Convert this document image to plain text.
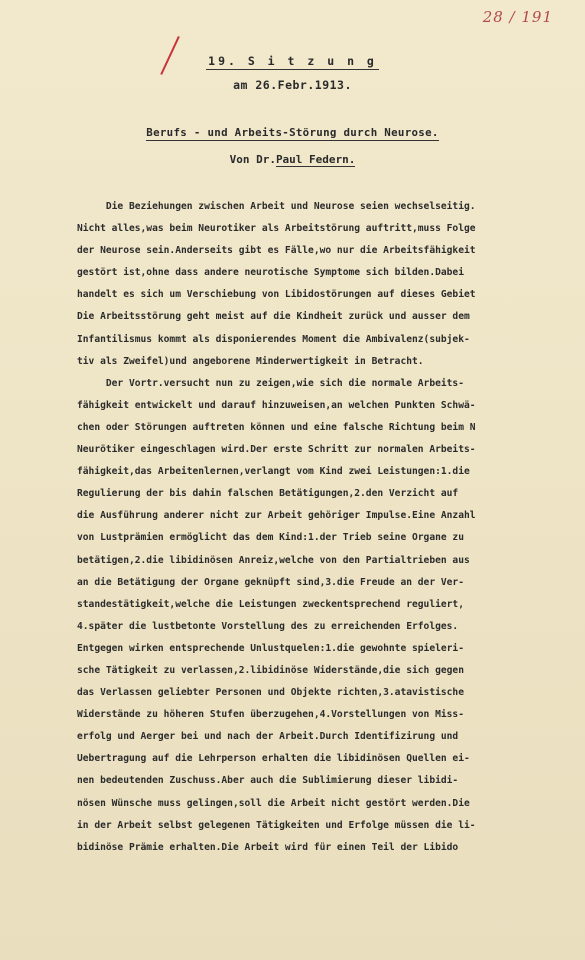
28 / 191
19. S i t z u n g
am 26.Febr.1913.
Berufs - und Arbeits-Störung durch Neurose.
Von Dr.Paul Federn.
Die Beziehungen zwischen Arbeit und Neurose seien wechselseitig.
Nicht alles,was beim Neurotiker als Arbeitstörung auftritt,muss Folge
der Neurose sein.Anderseits gibt es Fälle,wo nur die Arbeitsfähigkeit
gestört ist,ohne dass andere neurotische Symptome sich bilden.Dabei
handelt es sich um Verschiebung von Libidostörungen auf dieses Gebiet
Die Arbeitsstörung geht meist auf die Kindheit zurück und ausser dem
Infantilismus kommt als disponierendes Moment die Ambivalenz(subjek-
tiv als Zweifel)und angeborene Minderwertigkeit in Betracht.
Der Vortr.versucht nun zu zeigen,wie sich die normale Arbeits-
fähigkeit entwickelt und darauf hinzuweisen,an welchen Punkten Schwä-
chen oder Störungen auftreten können und eine falsche Richtung beim N
Neurötiker eingeschlagen wird.Der erste Schritt zur normalen Arbeits-
fähigkeit,das Arbeitenlernen,verlangt vom Kind zwei Leistungen:1.die
Regulierung der bis dahin falschen Betätigungen,2.den Verzicht auf
die Ausführung anderer nicht zur Arbeit gehöriger Impulse.Eine Anzahl
von Lustprämien ermöglicht das dem Kind:1.der Trieb seine Organe zu
betätigen,2.die libidinösen Anreiz,welche von den Partialtrieben aus
an die Betätigung der Organe geknüpft sind,3.die Freude an der Ver-
standestätigkeit,welche die Leistungen zweckentsprechend reguliert,
4.später die lustbetonte Vorstellung des zu erreichenden Erfolges.
Entgegen wirken entsprechende Unlustquelen:1.die gewohnte spieleri-
sche Tätigkeit zu verlassen,2.libidinöse Widerstände,die sich gegen
das Verlassen geliebter Personen und Objekte richten,3.atavistische
Widerstände zu höheren Stufen überzugehen,4.Vorstellungen von Miss-
erfolg und Aerger bei und nach der Arbeit.Durch Identifizirung und
Uebertragung auf die Lehrperson erhalten die libidinösen Quellen ei-
nen bedeutenden Zuschuss.Aber auch die Sublimierung dieser libidi-
nösen Wünsche muss gelingen,soll die Arbeit nicht gestört werden.Die
in der Arbeit selbst gelegenen Tätigkeiten und Erfolge müssen die li-
bidinöse Prämie erhalten.Die Arbeit wird für einen Teil der Libido
